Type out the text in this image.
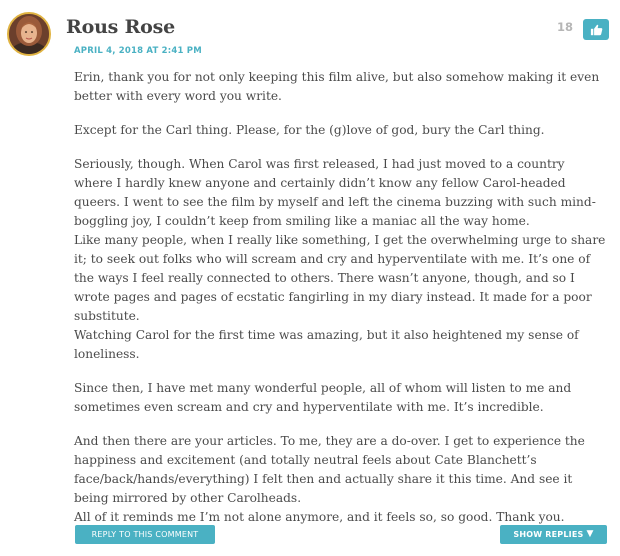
Rous Rose
APRIL 4, 2018 AT 2:41 PM
18

Erin, thank you for not only keeping this film alive, but also somehow making it even better with every word you write.

Except for the Carl thing. Please, for the (g)love of god, bury the Carl thing.

Seriously, though. When Carol was first released, I had just moved to a country where I hardly knew anyone and certainly didn’t know any fellow Carol-headed queers. I went to see the film by myself and left the cinema buzzing with such mind-boggling joy, I couldn’t keep from smiling like a maniac all the way home.

Like many people, when I really like something, I get the overwhelming urge to share it; to seek out folks who will scream and cry and hyperventilate with me. It’s one of the ways I feel really connected to others. There wasn’t anyone, though, and so I wrote pages and pages of ecstatic fangirling in my diary instead. It made for a poor substitute.

Watching Carol for the first time was amazing, but it also heightened my sense of loneliness.

Since then, I have met many wonderful people, all of whom will listen to me and sometimes even scream and cry and hyperventilate with me. It’s incredible.

And then there are your articles. To me, they are a do-over. I get to experience the happiness and excitement (and totally neutral feels about Cate Blanchett’s face/back/hands/everything) I felt then and actually share it this time. And see it being mirrored by other Carolheads.

All of it reminds me I’m not alone anymore, and it feels so, so good. Thank you.

REPLY TO THIS COMMENT	SHOW REPLIES ▼
